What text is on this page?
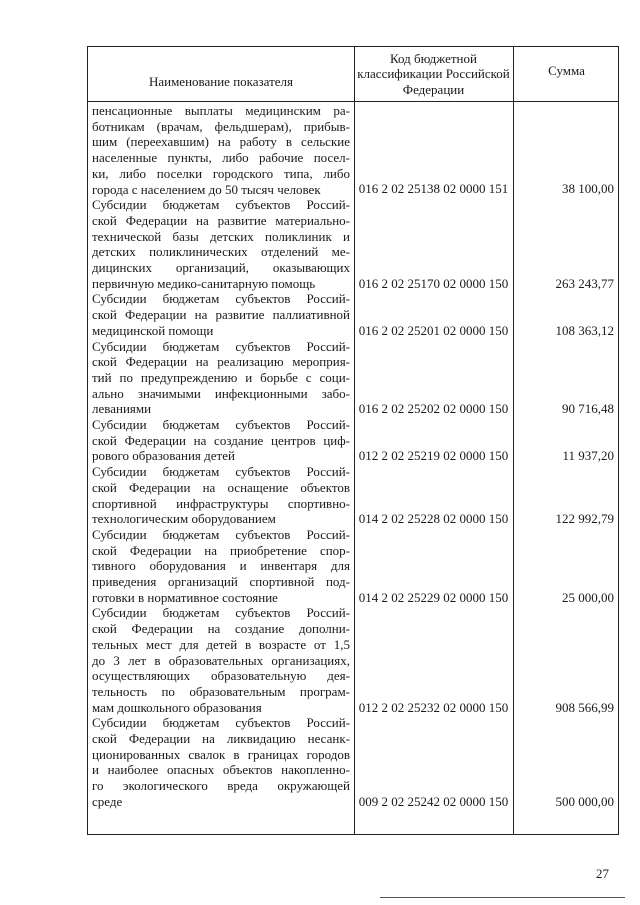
Наименование показателя
Код бюджетной классификации Российской Федерации
Сумма
пенсационные выплаты медицинским ра-
ботникам (врачам, фельдшерам), прибыв-
шим (переехавшим) на работу в сельские
населенные пункты, либо рабочие посел-
ки, либо поселки городского типа, либо
города с населением до 50 тысяч человек	016 2 02 25138 02 0000 151	38 100,00
Субсидии бюджетам субъектов Россий-
ской Федерации на развитие материально-
технической базы детских поликлиник и
детских поликлинических отделений ме-
дицинских организаций, оказывающих
первичную медико-санитарную помощь	016 2 02 25170 02 0000 150	263 243,77
Субсидии бюджетам субъектов Россий-
ской Федерации на развитие паллиативной
медицинской помощи	016 2 02 25201 02 0000 150	108 363,12
Субсидии бюджетам субъектов Россий-
ской Федерации на реализацию мероприя-
тий по предупреждению и борьбе с соци-
ально значимыми инфекционными забо-
леваниями	016 2 02 25202 02 0000 150	90 716,48
Субсидии бюджетам субъектов Россий-
ской Федерации на создание центров циф-
рового образования детей	012 2 02 25219 02 0000 150	11 937,20
Субсидии бюджетам субъектов Россий-
ской Федерации на оснащение объектов
спортивной инфраструктуры спортивно-
технологическим оборудованием	014 2 02 25228 02 0000 150	122 992,79
Субсидии бюджетам субъектов Россий-
ской Федерации на приобретение спор-
тивного оборудования и инвентаря для
приведения организаций спортивной под-
готовки в нормативное состояние	014 2 02 25229 02 0000 150	25 000,00
Субсидии бюджетам субъектов Россий-
ской Федерации на создание дополни-
тельных мест для детей в возрасте от 1,5
до 3 лет в образовательных организациях,
осуществляющих образовательную дея-
тельность по образовательным програм-
мам дошкольного образования	012 2 02 25232 02 0000 150	908 566,99
Субсидии бюджетам субъектов Россий-
ской Федерации на ликвидацию несанк-
ционированных свалок в границах городов
и наиболее опасных объектов накопленно-
го экологического вреда окружающей
среде	009 2 02 25242 02 0000 150	500 000,00
27
